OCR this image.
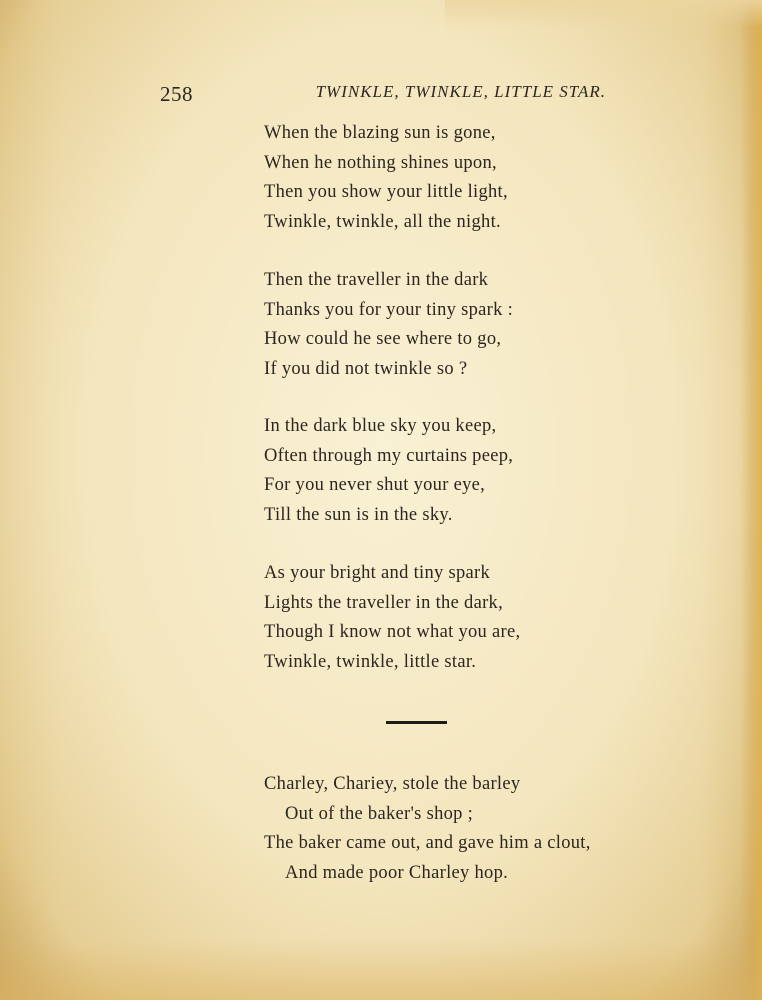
258	TWINKLE, TWINKLE, LITTLE STAR.
When the blazing sun is gone,
When he nothing shines upon,
Then you show your little light,
Twinkle, twinkle, all the night.
Then the traveller in the dark
Thanks you for your tiny spark :
How could he see where to go,
If you did not twinkle so ?
In the dark blue sky you keep,
Often through my curtains peep,
For you never shut your eye,
Till the sun is in the sky.
As your bright and tiny spark
Lights the traveller in the dark,
Though I know not what you are,
Twinkle, twinkle, little star.
Charley, Chariey, stole the barley
Out of the baker's shop ;
The baker came out, and gave him a clout,
And made poor Charley hop.
